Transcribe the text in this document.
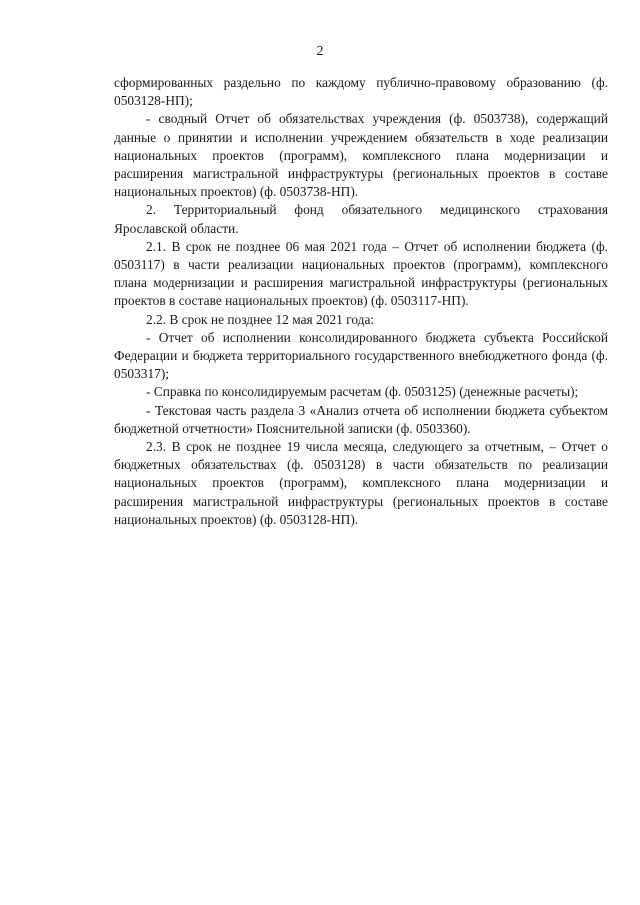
2

сформированных раздельно по каждому публично-правовому образованию (ф. 0503128-НП);

- сводный Отчет об обязательствах учреждения (ф. 0503738), содержащий данные о принятии и исполнении учреждением обязательств в ходе реализации национальных проектов (программ), комплексного плана модернизации и расширения магистральной инфраструктуры (региональных проектов в составе национальных проектов) (ф. 0503738-НП).

2. Территориальный фонд обязательного медицинского страхования Ярославской области.

2.1. В срок не позднее 06 мая 2021 года – Отчет об исполнении бюджета (ф. 0503117) в части реализации национальных проектов (программ), комплексного плана модернизации и расширения магистральной инфраструктуры (региональных проектов в составе национальных проектов) (ф. 0503117-НП).

2.2. В срок не позднее 12 мая 2021 года:

- Отчет об исполнении консолидированного бюджета субъекта Российской Федерации и бюджета территориального государственного внебюджетного фонда (ф. 0503317);

- Справка по консолидируемым расчетам (ф. 0503125) (денежные расчеты);

- Текстовая часть раздела 3 «Анализ отчета об исполнении бюджета субъектом бюджетной отчетности» Пояснительной записки (ф. 0503360).

2.3. В срок не позднее 19 числа месяца, следующего за отчетным, – Отчет о бюджетных обязательствах (ф. 0503128) в части обязательств по реализации национальных проектов (программ), комплексного плана модернизации и расширения магистральной инфраструктуры (региональных проектов в составе национальных проектов) (ф. 0503128-НП).
